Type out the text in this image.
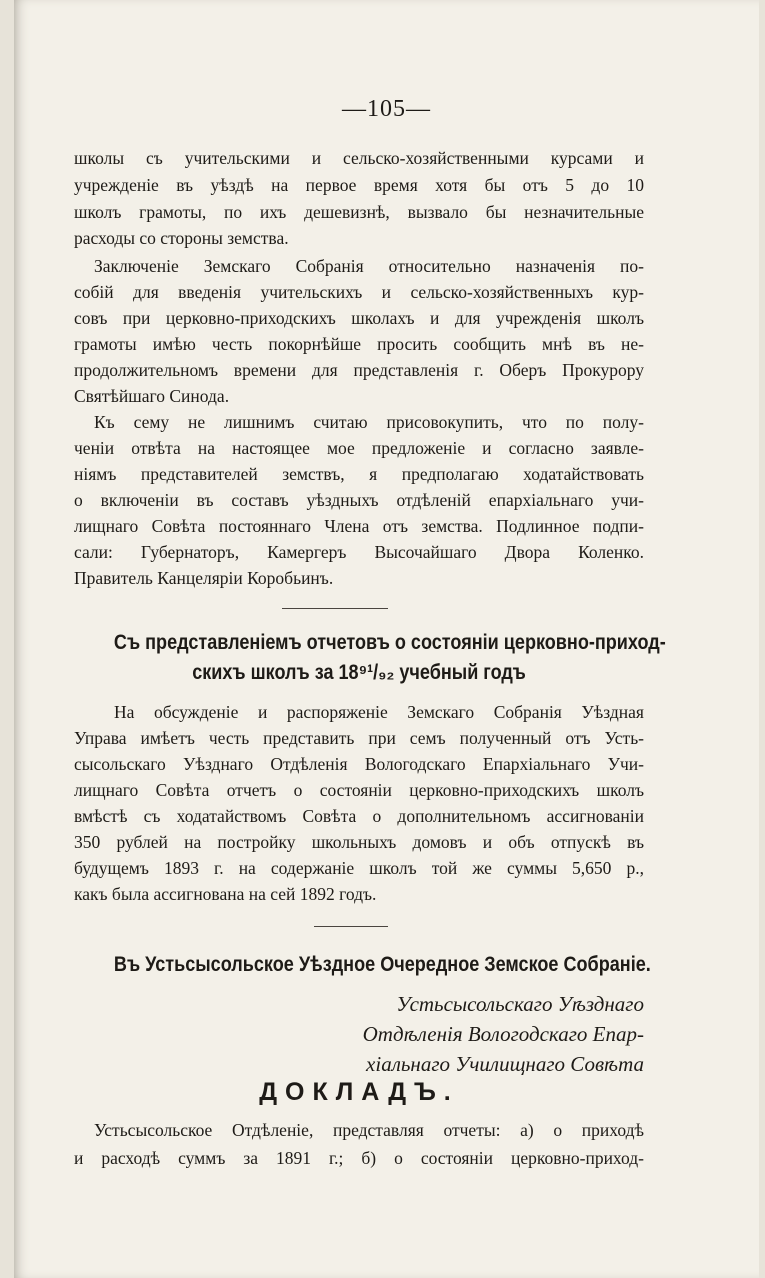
—105—
школы съ учительскими и сельско-хозяйственными курсами и
учрежденіе въ уѣздѣ на первое время хотя бы отъ 5 до 10
школъ грамоты, по ихъ дешевизнѣ, вызвало бы незначительные
расходы со стороны земства.
Заключеніе Земскаго Собранія относительно назначенія по-
собій для введенія учительскихъ и сельско-хозяйственныхъ кур-
совъ при церковно-приходскихъ школахъ и для учрежденія школъ
грамоты имѣю честь покорнѣйше просить сообщить мнѣ въ не-
продолжительномъ времени для представленія г. Оберъ Прокурору
Святѣйшаго Синода.
Къ сему не лишнимъ считаю присовокупить, что по полу-
ченіи отвѣта на настоящее мое предложеніе и согласно заявле-
ніямъ представителей земствъ, я предполагаю ходатайствовать
о включеніи въ составъ уѣздныхъ отдѣленій епархіальнаго учи-
лищнаго Совѣта постояннаго Члена отъ земства. Подлинное подпи-
сали: Губернаторъ, Камергеръ Высочайшаго Двора Коленко.
Правитель Канцеляріи Коробьинъ.
Съ представленіемъ отчетовъ о состояніи церковно-приход-
скихъ школъ за 18⁹¹/₉₂ учебный годъ
На обсужденіе и распоряженіе Земскаго Собранія Уѣздная
Управа имѣетъ честь представить при семъ полученный отъ Усть-
сысольскаго Уѣзднаго Отдѣленія Вологодскаго Епархіальнаго Учи-
лищнаго Совѣта отчетъ о состояніи церковно-приходскихъ школъ
вмѣстѣ съ ходатайствомъ Совѣта о дополнительномъ ассигнованіи
350 рублей на постройку школьныхъ домовъ и объ отпускѣ въ
будущемъ 1893 г. на содержаніе школъ той же суммы 5,650 р.,
какъ была ассигнована на сей 1892 годъ.
Въ Устьсысольское Уѣздное Очередное Земское Собраніе.
Устьсысольскаго Уѣзднаго
Отдѣленія Вологодскаго Епар-
хіальнаго Училищнаго Совѣта
ДОКЛАДЪ.
Устьсысольское Отдѣленіе, представляя отчеты: а) о приходѣ
и расходѣ суммъ за 1891 г.; б) о состояніи церковно-приход-
